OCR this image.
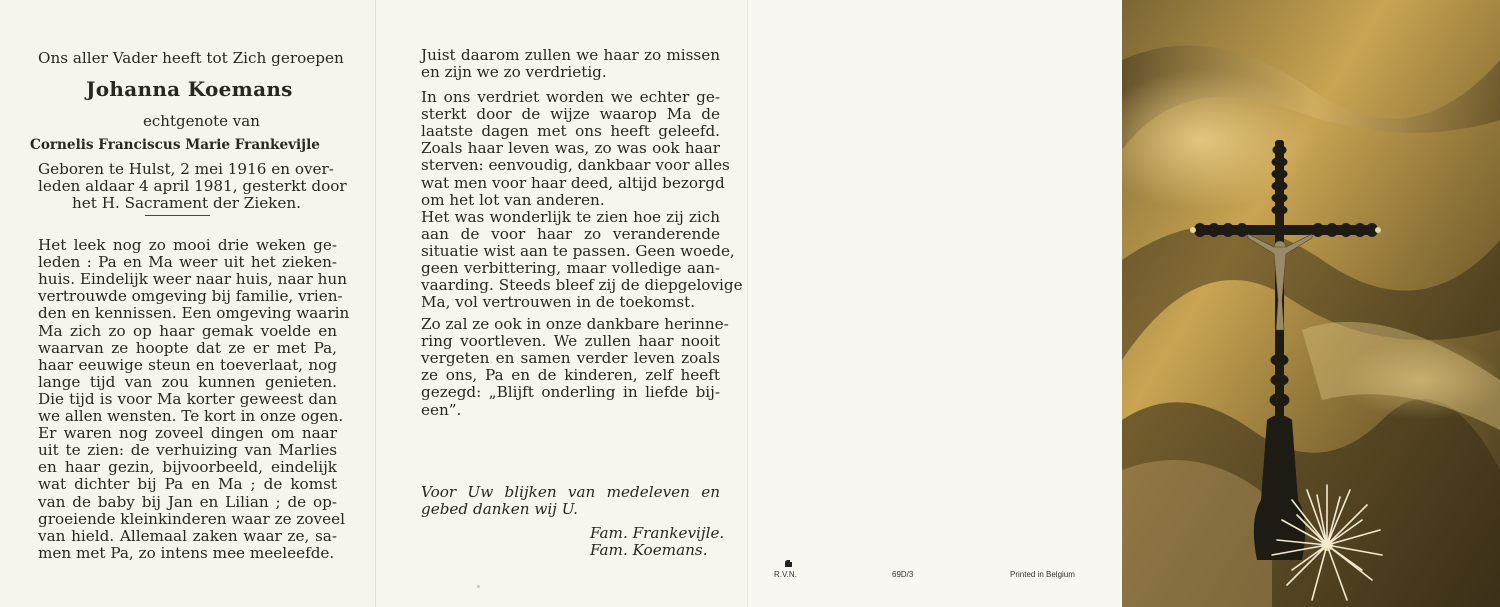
Ons aller Vader heeft tot Zich geroepen
Johanna Koemans
echtgenote van
Cornelis Franciscus Marie Frankevijle
Geboren te Hulst, 2 mei 1916 en over-
leden aldaar 4 april 1981, gesterkt door
het H. Sacrament der Zieken.
Het leek nog zo mooi drie weken ge-
leden : Pa en Ma weer uit het zieken-
huis. Eindelijk weer naar huis, naar hun
vertrouwde omgeving bij familie, vrien-
den en kennissen. Een omgeving waarin
Ma zich zo op haar gemak voelde en
waarvan ze hoopte dat ze er met Pa,
haar eeuwige steun en toeverlaat, nog
lange tijd van zou kunnen genieten.
Die tijd is voor Ma korter geweest dan
we allen wensten. Te kort in onze ogen.
Er waren nog zoveel dingen om naar
uit te zien: de verhuizing van Marlies
en haar gezin, bijvoorbeeld, eindelijk
wat dichter bij Pa en Ma ; de komst
van de baby bij Jan en Lilian ; de op-
groeiende kleinkinderen waar ze zoveel
van hield. Allemaal zaken waar ze, sa-
men met Pa, zo intens mee meeleefde.
Juist daarom zullen we haar zo missen
en zijn we zo verdrietig.
In ons verdriet worden we echter ge-
sterkt door de wijze waarop Ma de
laatste dagen met ons heeft geleefd.
Zoals haar leven was, zo was ook haar
sterven: eenvoudig, dankbaar voor alles
wat men voor haar deed, altijd bezorgd
om het lot van anderen.
Het was wonderlijk te zien hoe zij zich
aan de voor haar zo veranderende
situatie wist aan te passen. Geen woede,
geen verbittering, maar volledige aan-
vaarding. Steeds bleef zij de diepgelovige
Ma, vol vertrouwen in de toekomst.
Zo zal ze ook in onze dankbare herinne-
ring voortleven. We zullen haar nooit
vergeten en samen verder leven zoals
ze ons, Pa en de kinderen, zelf heeft
gezegd: „Blijft onderling in liefde bij-
een”.
Voor Uw blijken van medeleven en
gebed danken wij U.
Fam. Frankevijle.
Fam. Koemans.
R.V.N.	69D/3	Printed in Belgium
